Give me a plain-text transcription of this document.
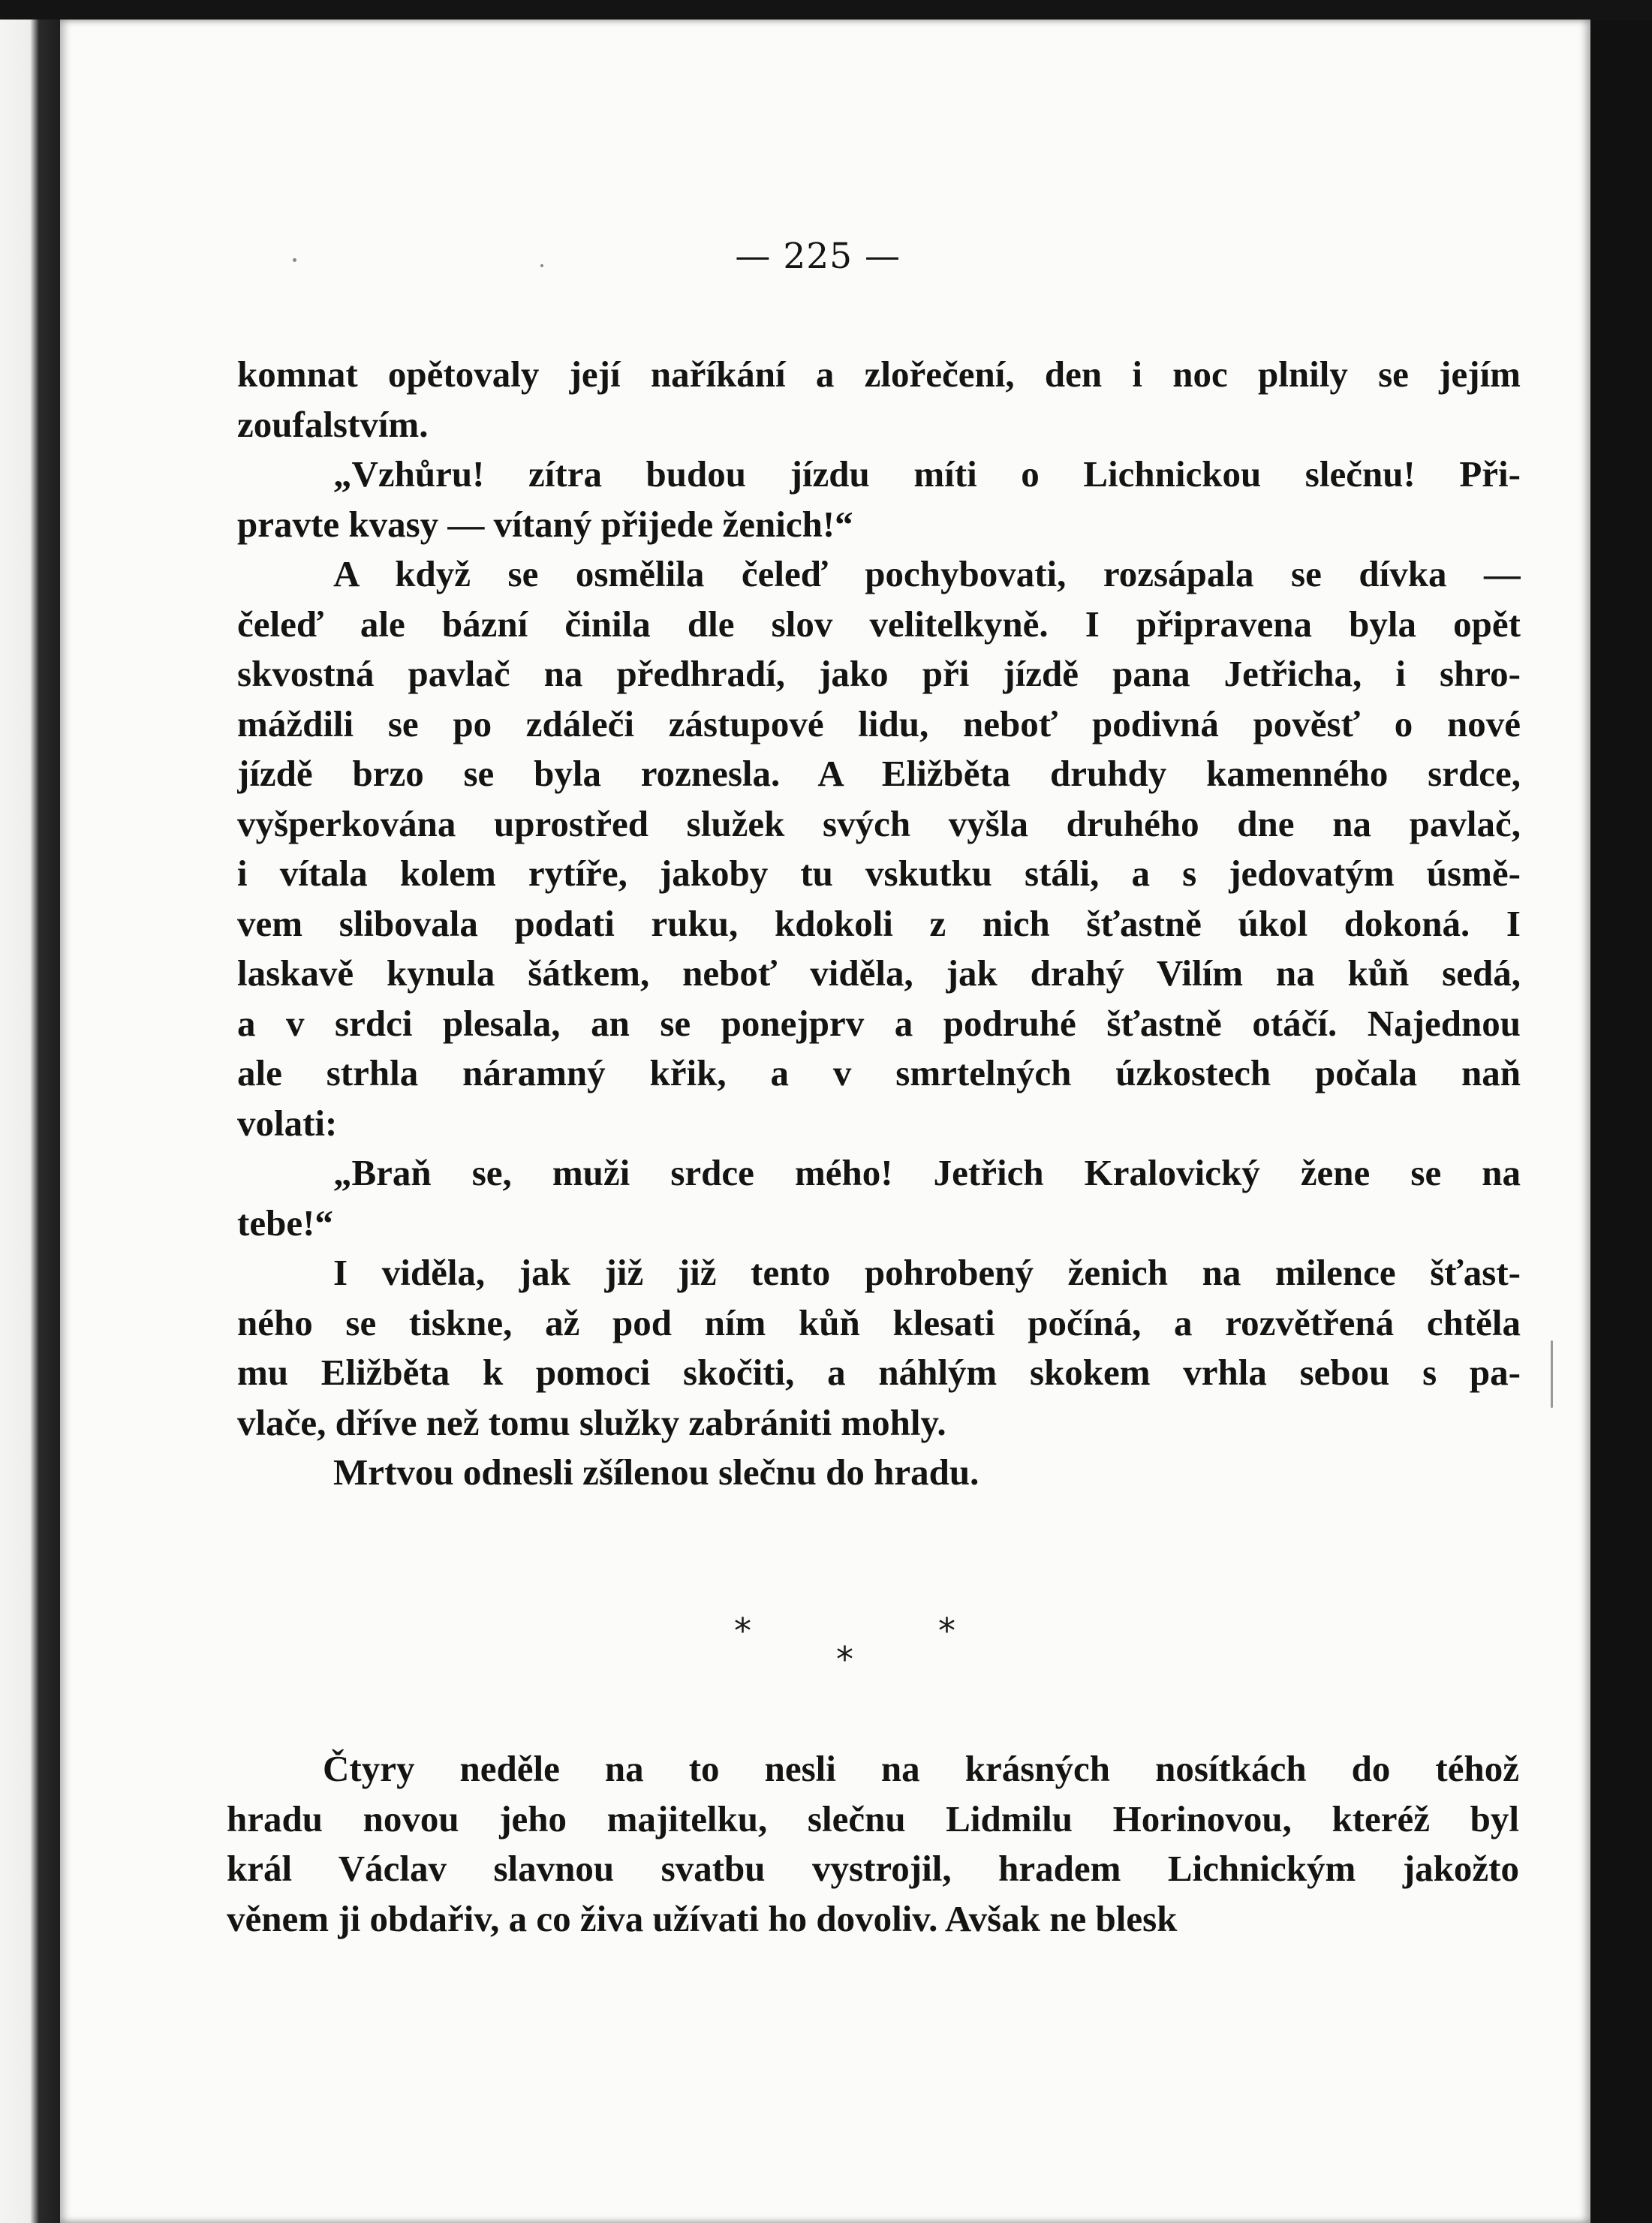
— 225 —
komnat opětovaly její naříkání a zlořečení, den i noc plnily se jejím
zoufalstvím.
„Vzhůru! zítra budou jízdu míti o Lichnickou slečnu! Při-
pravte kvasy — vítaný přijede ženich!“
A když se osmělila čeleď pochybovati, rozsápala se dívka —
čeleď ale bázní činila dle slov velitelkyně. I připravena byla opět
skvostná pavlač na předhradí, jako při jízdě pana Jetřicha, i shro-
máždili se po zdáleči zástupové lidu, neboť podivná pověsť o nové
jízdě brzo se byla roznesla. A Eližběta druhdy kamenného srdce,
vyšperkována uprostřed služek svých vyšla druhého dne na pavlač,
i vítala kolem rytíře, jakoby tu vskutku stáli, a s jedovatým úsmě-
vem slibovala podati ruku, kdokoli z nich šťastně úkol dokoná. I
laskavě kynula šátkem, neboť viděla, jak drahý Vilím na kůň sedá,
a v srdci plesala, an se ponejprv a podruhé šťastně otáčí. Najednou
ale strhla náramný křik, a v smrtelných úzkostech počala naň
volati:
„Braň se, muži srdce mého! Jetřich Kralovický žene se na
tebe!“
I viděla, jak již již tento pohrobený ženich na milence šťast-
ného se tiskne, až pod ním kůň klesati počíná, a rozvětřená chtěla
mu Eližběta k pomoci skočiti, a náhlým skokem vrhla sebou s pa-
vlače, dříve než tomu služky zabrániti mohly.
Mrtvou odnesli zšílenou slečnu do hradu.
*
*
*
Čtyry neděle na to nesli na krásných nosítkách do téhož
hradu novou jeho majitelku, slečnu Lidmilu Horinovou, kteréž byl
král Václav slavnou svatbu vystrojil, hradem Lichnickým jakožto
věnem ji obdařiv, a co živa užívati ho dovoliv. Avšak ne blesk
